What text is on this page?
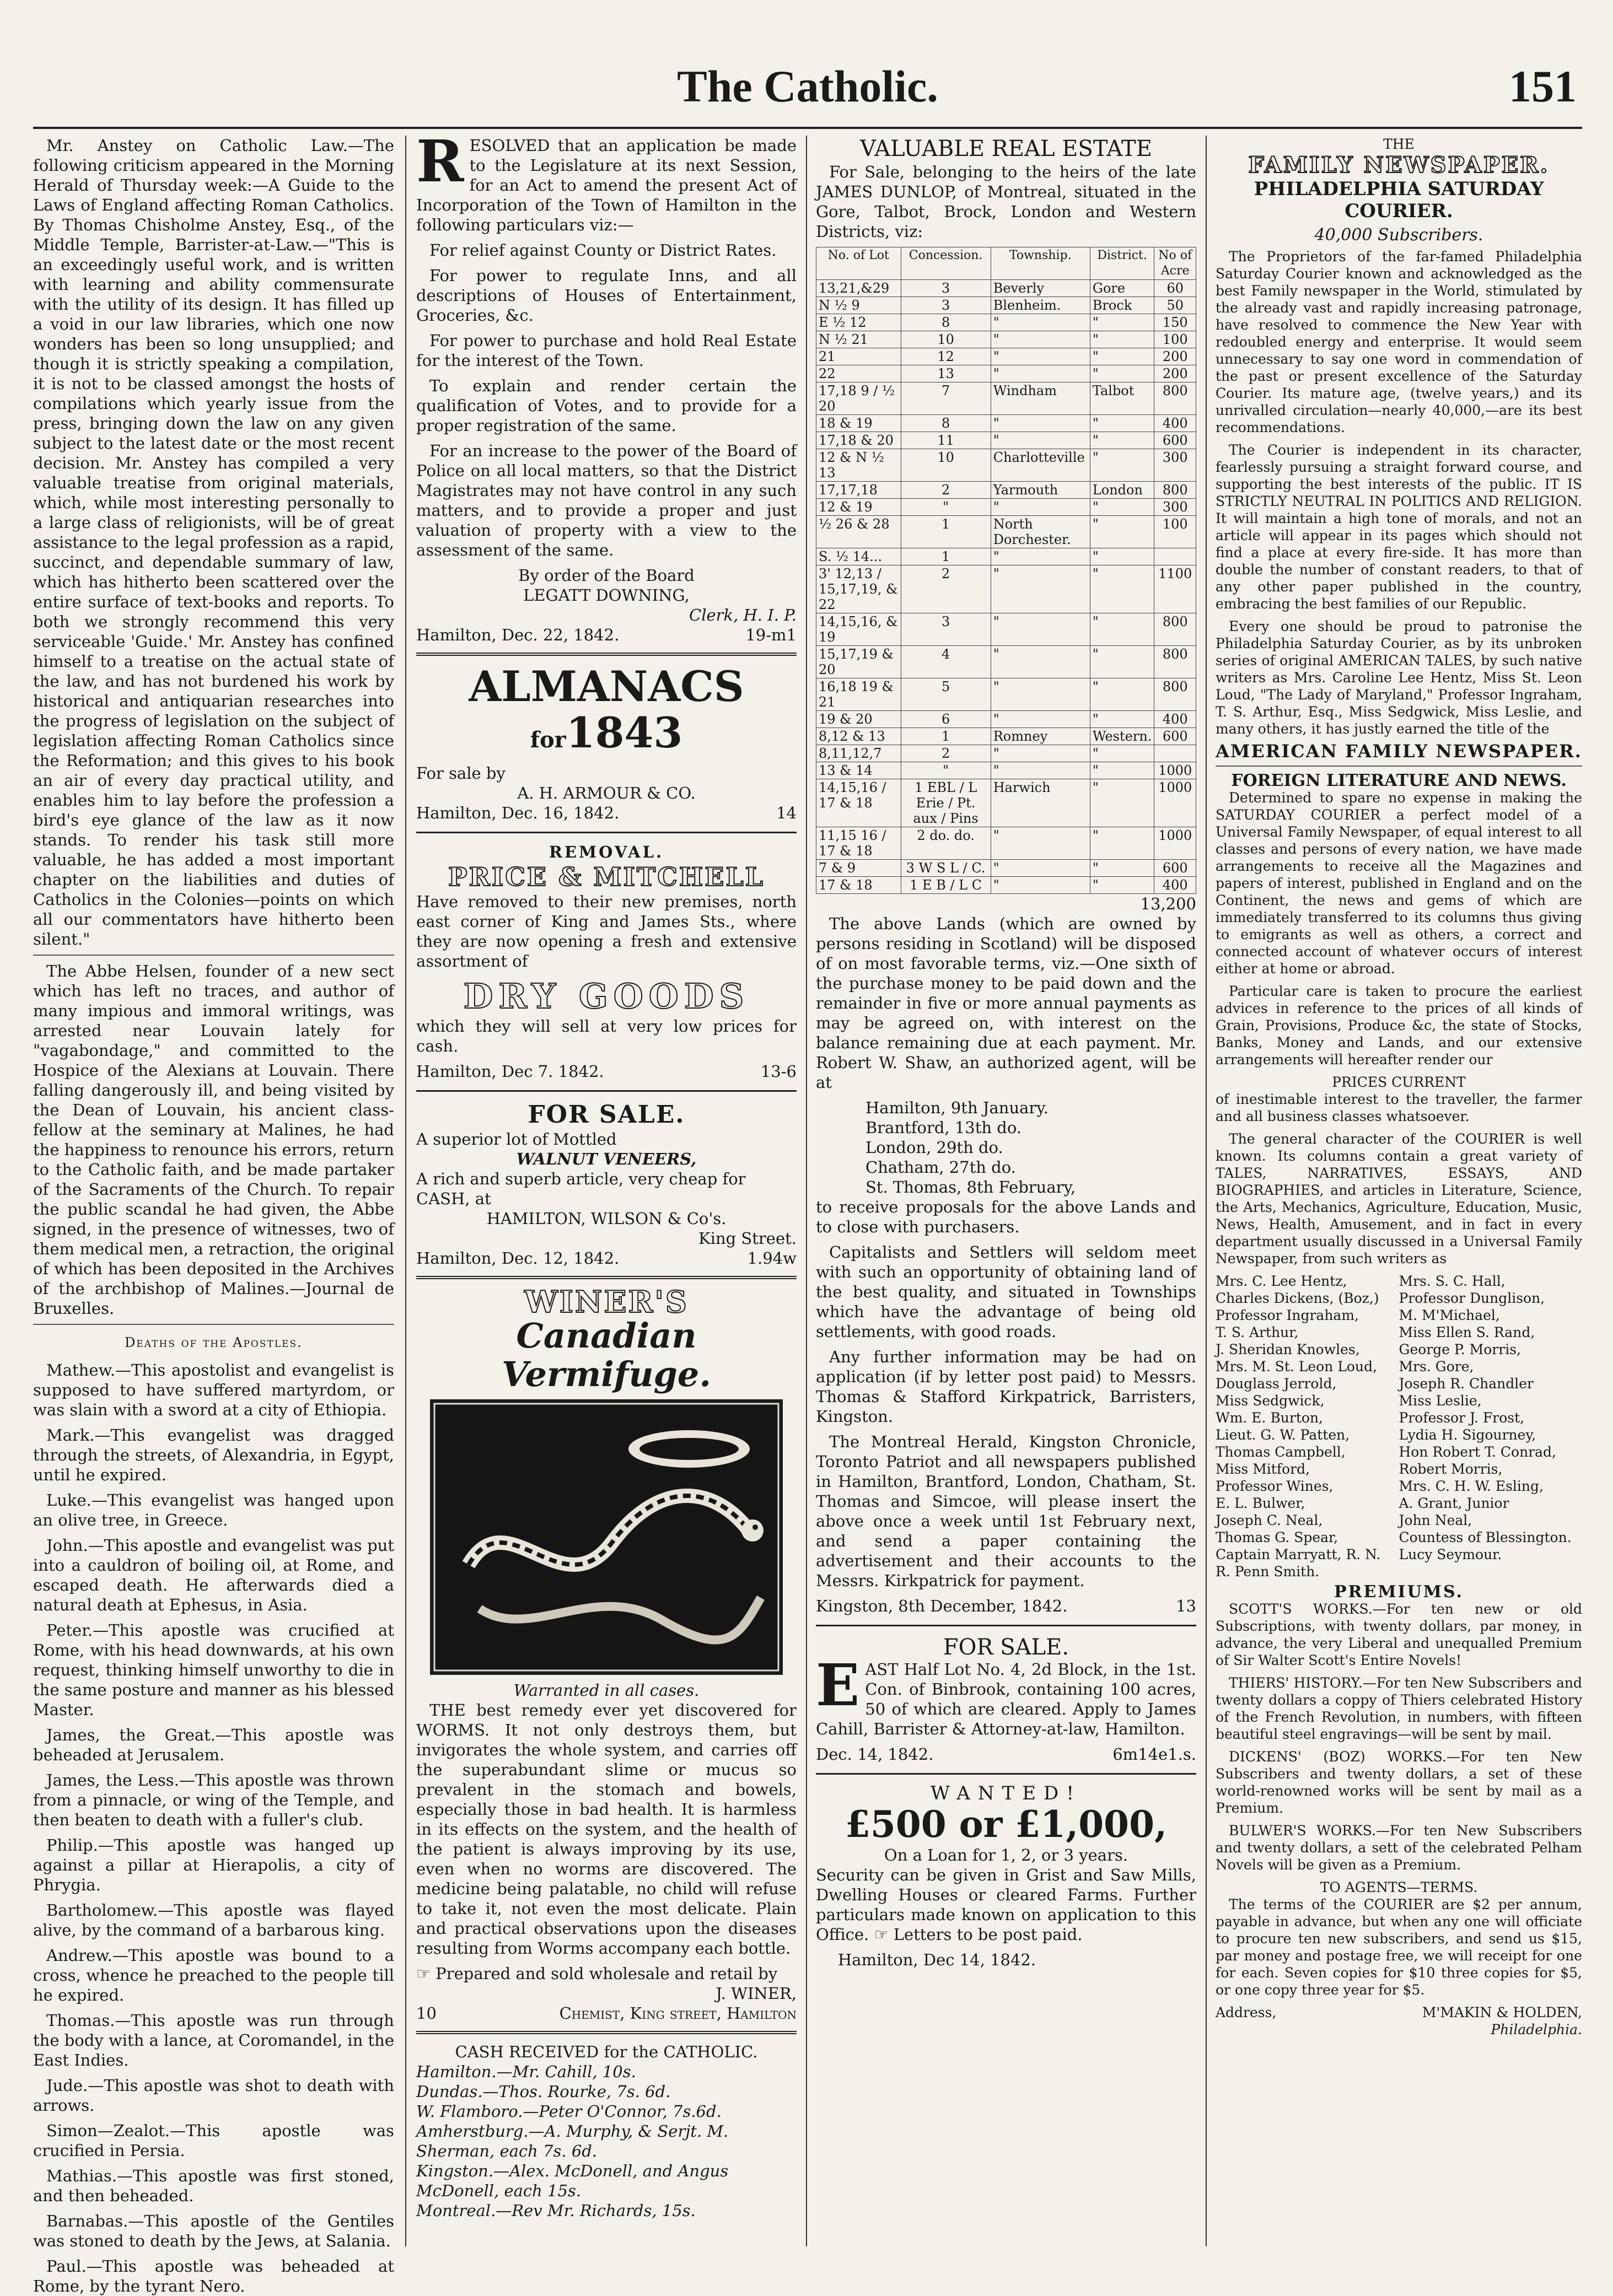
The Catholic.	151

Mr. Anstey on Catholic Law.—The following criticism appeared in the Morning Herald of Thursday week:—A Guide to the Laws of England affecting Roman Catholics. By Thomas Chisholme Anstey, Esq., of the Middle Temple, Barrister-at-Law.—"This is an exceedingly useful work, and is written with learning and ability commensurate with the utility of its design. It has filled up a void in our law libraries, which one now wonders has been so long unsupplied; and though it is strictly speaking a compilation, it is not to be classed amongst the hosts of compilations which yearly issue from the press, bringing down the law on any given subject to the latest date or the most recent decision. Mr. Anstey has compiled a very valuable treatise from original materials, which, while most interesting personally to a large class of religionists, will be of great assistance to the legal profession as a rapid, succinct, and dependable summary of law, which has hitherto been scattered over the entire surface of text-books and reports. To both we strongly recommend this very serviceable 'Guide.' Mr. Anstey has confined himself to a treatise on the actual state of the law, and has not burdened his work by historical and antiquarian researches into the progress of legislation on the subject of legislation affecting Roman Catholics since the Reformation; and this gives to his book an air of every day practical utility, and enables him to lay before the profession a bird's eye glance of the law as it now stands. To render his task still more valuable, he has added a most important chapter on the liabilities and duties of Catholics in the Colonies—points on which all our commentators have hitherto been silent."

The Abbe Helsen, founder of a new sect which has left no traces, and author of many impious and immoral writings, was arrested near Louvain lately for "vagabondage," and committed to the Hospice of the Alexians at Louvain. There falling dangerously ill, and being visited by the Dean of Louvain, his ancient class-fellow at the seminary at Malines, he had the happiness to renounce his errors, return to the Catholic faith, and be made partaker of the Sacraments of the Church. To repair the public scandal he had given, the Abbe signed, in the presence of witnesses, two of them medical men, a retraction, the original of which has been deposited in the Archives of the archbishop of Malines.—Journal de Bruxelles.

Deaths of the Apostles.

Mathew.—This apostolist and evangelist is supposed to have suffered martyrdom, or was slain with a sword at a city of Ethiopia.

Mark.—This evangelist was dragged through the streets, of Alexandria, in Egypt, until he expired.

Luke.—This evangelist was hanged upon an olive tree, in Greece.

John.—This apostle and evangelist was put into a cauldron of boiling oil, at Rome, and escaped death. He afterwards died a natural death at Ephesus, in Asia.

Peter.—This apostle was crucified at Rome, with his head downwards, at his own request, thinking himself unworthy to die in the same posture and manner as his blessed Master.

James, the Great.—This apostle was beheaded at Jerusalem.

James, the Less.—This apostle was thrown from a pinnacle, or wing of the Temple, and then beaten to death with a fuller's club.

Philip.—This apostle was hanged up against a pillar at Hierapolis, a city of Phrygia.

Bartholomew.—This apostle was flayed alive, by the command of a barbarous king.

Andrew.—This apostle was bound to a cross, whence he preached to the people till he expired.

Thomas.—This apostle was run through the body with a lance, at Coromandel, in the East Indies.

Jude.—This apostle was shot to death with arrows.

Simon—Zealot.—This apostle was crucified in Persia.

Mathias.—This apostle was first stoned, and then beheaded.

Barnabas.—This apostle of the Gentiles was stoned to death by the Jews, at Salania.

Paul.—This apostle was beheaded at Rome, by the tyrant Nero.

R ESOLVED that an application be made to the Legislature at its next Session, for an Act to amend the present Act of Incorporation of the Town of Hamilton in the following particulars viz:—

For relief against County or District Rates.

For power to regulate Inns, and all descriptions of Houses of Entertainment, Groceries, &c.

For power to purchase and hold Real Estate for the interest of the Town.

To explain and render certain the qualification of Votes, and to provide for a proper registration of the same.

For an increase to the power of the Board of Police on all local matters, so that the District Magistrates may not have control in any such matters, and to provide a proper and just valuation of property with a view to the assessment of the same.

By order of the Board
LEGATT DOWNING,
Clerk, H. I. P.
Hamilton, Dec. 22, 1842.	19-m1
ALMANACS for1843
For sale by
A. H. ARMOUR & CO.
Hamilton, Dec. 16, 1842.	14
REMOVAL.
PRICE & MITCHELL

Have removed to their new premises, north east corner of King and James Sts., where they are now opening a fresh and extensive assortment of

DRY GOODS

which they will sell at very low prices for cash.

Hamilton, Dec 7. 1842.	13-6
FOR SALE.
A superior lot of Mottled
WALNUT VENEERS,
A rich and superb article, very cheap for CASH, at
HAMILTON, WILSON & Co's.
King Street.
Hamilton, Dec. 12, 1842.	1.94w
WINER'S
Canadian Vermifuge.
Warranted in all cases.

THE best remedy ever yet discovered for WORMS. It not only destroys them, but invigorates the whole system, and carries off the superabundant slime or mucus so prevalent in the stomach and bowels, especially those in bad health. It is harmless in its effects on the system, and the health of the patient is always improving by its use, even when no worms are discovered. The medicine being palatable, no child will refuse to take it, not even the most delicate. Plain and practical observations upon the diseases resulting from Worms accompany each bottle.

☞ Prepared and sold wholesale and retail by
J. WINER,
10	Chemist, King street, Hamilton
CASH RECEIVED for the CATHOLIC.
Hamilton.—Mr. Cahill, 10s.
Dundas.—Thos. Rourke, 7s. 6d.
W. Flamboro.—Peter O'Connor, 7s.6d.
Amherstburg.—A. Murphy, & Serjt. M. Sherman, each 7s. 6d.
Kingston.—Alex. McDonell, and Angus McDonell, each 15s.
Montreal.—Rev Mr. Richards, 15s.
VALUABLE REAL ESTATE

For Sale, belonging to the heirs of the late JAMES DUNLOP, of Montreal, situated in the Gore, Talbot, Brock, London and Western Districts, viz:

No. of Lot	Concession.	Township.	District.	No of Acre
13,21,&29	3	Beverly	Gore	60
N ½ 9	3	Blenheim.	Brock	50
E ½ 12	8	"	"	150
N ½ 21	10	"	"	100
21	12	"	"	200
22	13	"	"	200
17,18 9 / ½ 20	7	Windham	Talbot	800
18 & 19	8	"	"	400
17,18 & 20	11	"	"	600
12 & N ½ 13	10	Charlotteville	"	300
17,17,18	2	Yarmouth	London	800
12 & 19	"	"	"	300
½ 26 & 28	1	North Dorchester.	"	100
S. ½ 14...	1	"	"	
3' 12,13 / 15,17,19, & 22	2	"	"	1100
14,15,16, & 19	3	"	"	800
15,17,19 & 20	4	"	"	800
16,18 19 & 21	5	"	"	800
19 & 20	6	"	"	400
8,12 & 13	1	Romney	Western.	600
8,11,12,7	2	"	"	
13 & 14	"	"	"	1000
14,15,16 / 17 & 18	1 EBL / L Erie / Pt. aux / Pins	Harwich	"	1000
11,15 16 / 17 & 18	2 do. do.	"	"	1000
7 & 9	3 W S L / C.	"	"	600
17 & 18	1 E B / L C	"	"	400
13,200

The above Lands (which are owned by persons residing in Scotland) will be disposed of on most favorable terms, viz.—One sixth of the purchase money to be paid down and the remainder in five or more annual payments as may be agreed on, with interest on the balance remaining due at each payment. Mr. Robert W. Shaw, an authorized agent, will be at

Hamilton, 9th January.
Brantford, 13th do.
London, 29th do.
Chatham, 27th do.
St. Thomas, 8th February,

to receive proposals for the above Lands and to close with purchasers.

Capitalists and Settlers will seldom meet with such an opportunity of obtaining land of the best quality, and situated in Townships which have the advantage of being old settlements, with good roads.

Any further information may be had on application (if by letter post paid) to Messrs. Thomas & Stafford Kirkpatrick, Barristers, Kingston.

The Montreal Herald, Kingston Chronicle, Toronto Patriot and all newspapers published in Hamilton, Brantford, London, Chatham, St. Thomas and Simcoe, will please insert the above once a week until 1st February next, and send a paper containing the advertisement and their accounts to the Messrs. Kirkpatrick for payment.

Kingston, 8th December, 1842.	13
FOR SALE.
E AST Half Lot No. 4, 2d Block, in the 1st. Con. of Binbrook, containing 100 acres, 50 of which are cleared. Apply to James Cahill, Barrister & Attorney-at-law, Hamilton.

Dec. 14, 1842.	6m14e1.s.
WANTED!
£500 or £1,000,
On a Loan for 1, 2, or 3 years.

Security can be given in Grist and Saw Mills, Dwelling Houses or cleared Farms. Further particulars made known on application to this Office. ☞ Letters to be post paid.

Hamilton, Dec 14, 1842.
THE
FAMILY NEWSPAPER.
PHILADELPHIA SATURDAY COURIER.
40,000 Subscribers.

The Proprietors of the far-famed Philadelphia Saturday Courier known and acknowledged as the best Family newspaper in the World, stimulated by the already vast and rapidly increasing patronage, have resolved to commence the New Year with redoubled energy and enterprise. It would seem unnecessary to say one word in commendation of the past or present excellence of the Saturday Courier. Its mature age, (twelve years,) and its unrivalled circulation—nearly 40,000,—are its best recommendations.

The Courier is independent in its character, fearlessly pursuing a straight forward course, and supporting the best interests of the public. IT IS STRICTLY NEUTRAL IN POLITICS AND RELIGION. It will maintain a high tone of morals, and not an article will appear in its pages which should not find a place at every fire-side. It has more than double the number of constant readers, to that of any other paper published in the country, embracing the best families of our Republic.

Every one should be proud to patronise the Philadelphia Saturday Courier, as by its unbroken series of original AMERICAN TALES, by such native writers as Mrs. Caroline Lee Hentz, Miss St. Leon Loud, "The Lady of Maryland," Professor Ingraham, T. S. Arthur, Esq., Miss Sedgwick, Miss Leslie, and many others, it has justly earned the title of the

AMERICAN FAMILY NEWSPAPER.
FOREIGN LITERATURE AND NEWS.

Determined to spare no expense in making the SATURDAY COURIER a perfect model of a Universal Family Newspaper, of equal interest to all classes and persons of every nation, we have made arrangements to receive all the Magazines and papers of interest, published in England and on the Continent, the news and gems of which are immediately transferred to its columns thus giving to emigrants as well as others, a correct and connected account of whatever occurs of interest either at home or abroad.

Particular care is taken to procure the earliest advices in reference to the prices of all kinds of Grain, Provisions, Produce &c, the state of Stocks, Banks, Money and Lands, and our extensive arrangements will hereafter render our

PRICES CURRENT

of inestimable interest to the traveller, the farmer and all business classes whatsoever.

The general character of the COURIER is well known. Its columns contain a great variety of TALES, NARRATIVES, ESSAYS, AND BIOGRAPHIES, and articles in Literature, Science, the Arts, Mechanics, Agriculture, Education, Music, News, Health, Amusement, and in fact in every department usually discussed in a Universal Family Newspaper, from such writers as

Mrs. C. Lee Hentz,	Mrs. S. C. Hall,
Charles Dickens, (Boz,)	Professor Dunglison,
Professor Ingraham,	M. M'Michael,
T. S. Arthur,	Miss Ellen S. Rand,
J. Sheridan Knowles,	George P. Morris,
Mrs. M. St. Leon Loud,	Mrs. Gore,
Douglass Jerrold,	Joseph R. Chandler
Miss Sedgwick,	Miss Leslie,
Wm. E. Burton,	Professor J. Frost,
Lieut. G. W. Patten,	Lydia H. Sigourney,
Thomas Campbell,	Hon Robert T. Conrad,
Miss Mitford,	Robert Morris,
Professor Wines,	Mrs. C. H. W. Esling,
E. L. Bulwer,	A. Grant, Junior
Joseph C. Neal,	John Neal,
Thomas G. Spear,	Countess of Blessington.
Captain Marryatt, R. N.	Lucy Seymour.
R. Penn Smith.
PREMIUMS.

SCOTT'S WORKS.—For ten new or old Subscriptions, with twenty dollars, par money, in advance, the very Liberal and unequalled Premium of Sir Walter Scott's Entire Novels!

THIERS' HISTORY.—For ten New Subscribers and twenty dollars a coppy of Thiers celebrated History of the French Revolution, in numbers, with fifteen beautiful steel engravings—will be sent by mail.

DICKENS' (BOZ) WORKS.—For ten New Subscribers and twenty dollars, a set of these world-renowned works will be sent by mail as a Premium.

BULWER'S WORKS.—For ten New Subscribers and twenty dollars, a sett of the celebrated Pelham Novels will be given as a Premium.

TO AGENTS—TERMS.

The terms of the COURIER are $2 per annum, payable in advance, but when any one will officiate to procure ten new subscribers, and send us $15, par money and postage free, we will receipt for one for each. Seven copies for $10 three copies for $5, or one copy three year for $5.

Address,	M'MAKIN & HOLDEN,
Philadelphia.
